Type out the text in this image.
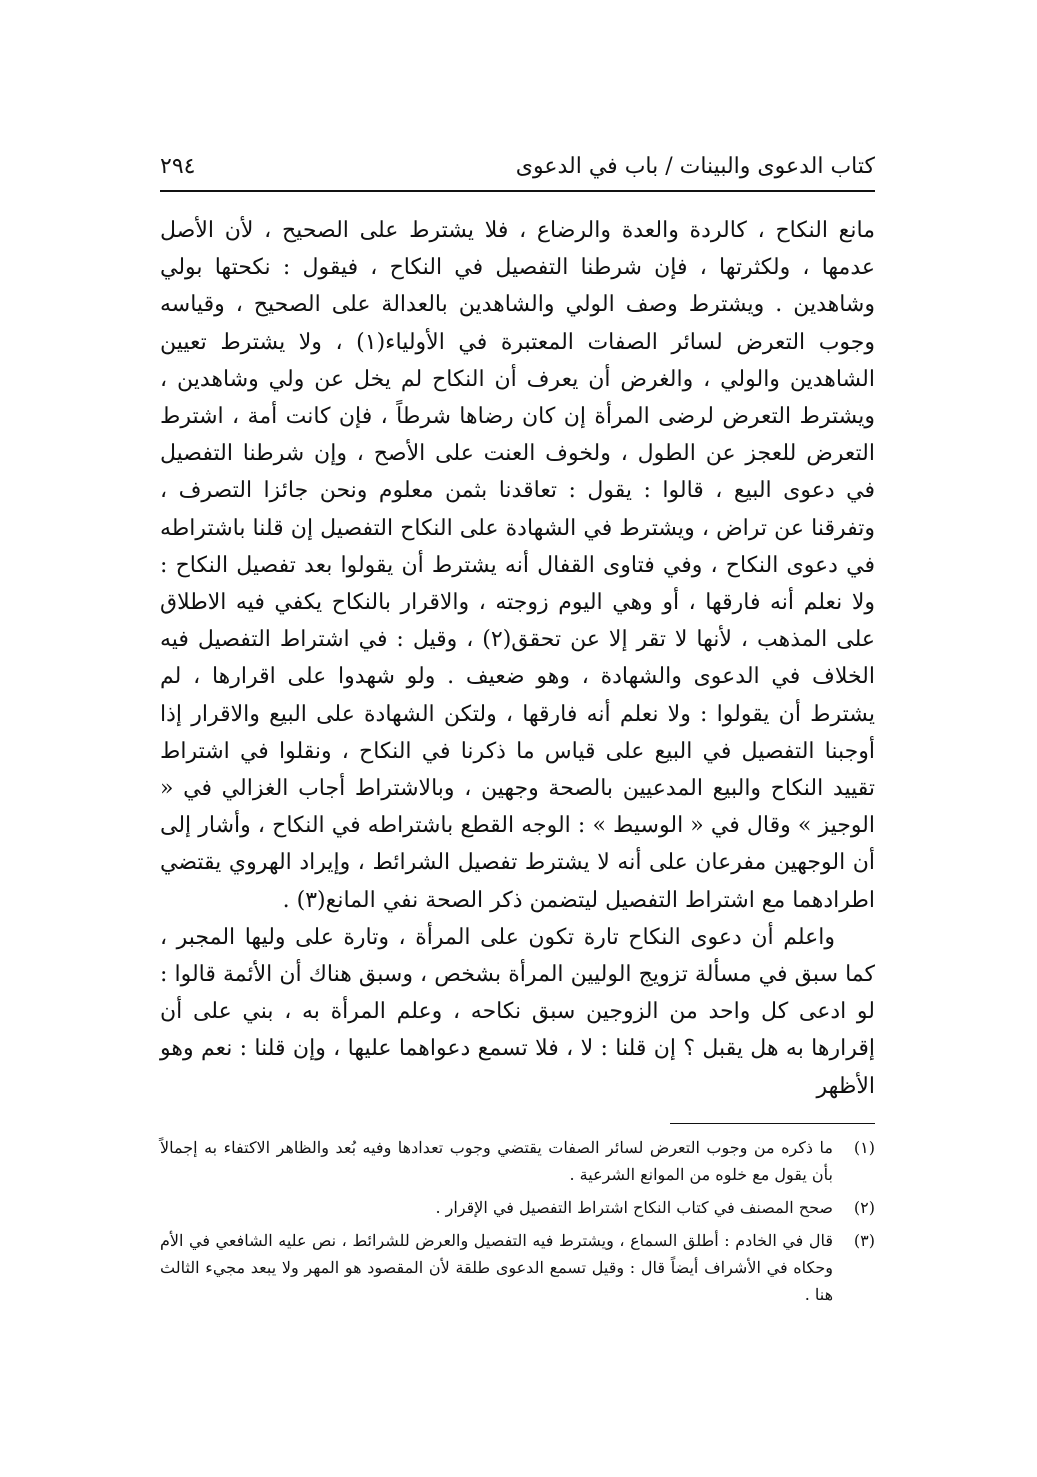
كتاب الدعوى والبينات / باب في الدعوى
٢٩٤

مانع النكاح ، كالردة والعدة والرضاع ، فلا يشترط على الصحيح ، لأن الأصل عدمها ، ولكثرتها ، فإن شرطنا التفصيل في النكاح ، فيقول : نكحتها بولي وشاهدين . ويشترط وصف الولي والشاهدين بالعدالة على الصحيح ، وقياسه وجوب التعرض لسائر الصفات المعتبرة في الأولياء(١) ، ولا يشترط تعيين الشاهدين والولي ، والغرض أن يعرف أن النكاح لم يخل عن ولي وشاهدين ، ويشترط التعرض لرضى المرأة إن كان رضاها شرطاً ، فإن كانت أمة ، اشترط التعرض للعجز عن الطول ، ولخوف العنت على الأصح ، وإن شرطنا التفصيل في دعوى البيع ، قالوا : يقول : تعاقدنا بثمن معلوم ونحن جائزا التصرف ، وتفرقنا عن تراض ، ويشترط في الشهادة على النكاح التفصيل إن قلنا باشتراطه في دعوى النكاح ، وفي فتاوى القفال أنه يشترط أن يقولوا بعد تفصيل النكاح : ولا نعلم أنه فارقها ، أو وهي اليوم زوجته ، والاقرار بالنكاح يكفي فيه الاطلاق على المذهب ، لأنها لا تقر إلا عن تحقق(٢) ، وقيل : في اشتراط التفصيل فيه الخلاف في الدعوى والشهادة ، وهو ضعيف . ولو شهدوا على اقرارها ، لم يشترط أن يقولوا : ولا نعلم أنه فارقها ، ولتكن الشهادة على البيع والاقرار إذا أوجبنا التفصيل في البيع على قياس ما ذكرنا في النكاح ، ونقلوا في اشتراط تقييد النكاح والبيع المدعيين بالصحة وجهين ، وبالاشتراط أجاب الغزالي في « الوجيز » وقال في « الوسيط » : الوجه القطع باشتراطه في النكاح ، وأشار إلى أن الوجهين مفرعان على أنه لا يشترط تفصيل الشرائط ، وإيراد الهروي يقتضي اطرادهما مع اشتراط التفصيل ليتضمن ذكر الصحة نفي المانع(٣) .

واعلم أن دعوى النكاح تارة تكون على المرأة ، وتارة على وليها المجبر ، كما سبق في مسألة تزويج الوليين المرأة بشخص ، وسبق هناك أن الأئمة قالوا : لو ادعى كل واحد من الزوجين سبق نكاحه ، وعلم المرأة به ، بني على أن إقرارها به هل يقبل ؟ إن قلنا : لا ، فلا تسمع دعواهما عليها ، وإن قلنا : نعم وهو الأظهر

(١)
ما ذكره من وجوب التعرض لسائر الصفات يقتضي وجوب تعدادها وفيه بُعد والظاهر الاكتفاء به إجمالاً بأن يقول مع خلوه من الموانع الشرعية .
(٢)
صحح المصنف في كتاب النكاح اشتراط التفصيل في الإقرار .
(٣)
قال في الخادم : أطلق السماع ، ويشترط فيه التفصيل والعرض للشرائط ، نص عليه الشافعي في الأم وحكاه في الأشراف أيضاً قال : وقيل تسمع الدعوى طلقة لأن المقصود هو المهر ولا يبعد مجيء الثالث هنا .
